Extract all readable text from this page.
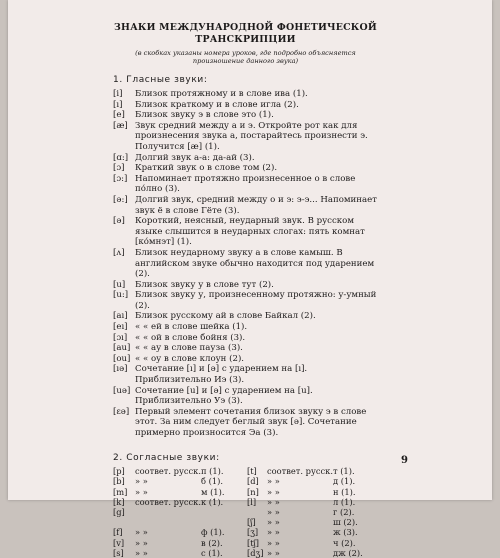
ЗНАКИ МЕЖДУНАРОДНОЙ ФОНЕТИЧЕСКОЙ
ТРАНСКРИПЦИИ

(в скобках указаны номера уроков, где подробно объясняется произношение данного звука)

1. Гласные звуки:
[i]	Близок протяжному и в слове ива (1).
[ı]	Близок краткому и в слове игла (2).
[e]	Близок звуку э в слове это (1).
[æ] Звук средний между а и э. Откройте рот как для произнесения звука а, постарайтесь произнести э. Получится [æ] (1).
[ɑ:] Долгий звук а-а: да-ай (3).
[ɔ]	Краткий звук о в слове том (2).
[ɔ:] Напоминает протяжно произнесенное о в слове по́лно (3).
[ə:] Долгий звук, средний между о и э: э-э... Напоминает звук ё в слове Гёте (3).
[ə]	Короткий, неясный, неударный звук. В русском языке слышится в неударных слогах: пять комнат [ко́мнэт] (1).
[ʌ]	Близок неударному звуку а в слове камыш. В английском звуке обычно находится под ударением (2).
[u]	Близок звуку у в слове тут (2).
[u:] Близок звуку у, произнесенному протяжно: у-умный (2).
[aı] Близок русскому ай в слове Байкал (2).
[eı] « « ей в слове шейка (1).
[ɔı] « « ой в слове бойня (3).
[au] « « ау в слове пауза (3).
[ou] « « оу в слове клоун (2).
[ıə] Сочетание [ı] и [ə] с ударением на [ı]. Приблизительно Иэ (3).
[uə] Сочетание [u] и [ə] с ударением на [u]. Приблизительно Уэ (3).
[ɛə] Первый элемент сочетания близок звуку э в слове этот. За ним следует беглый звук [ə]. Сочетание примерно произносится Эа (3).
2. Согласные звуки:
[p]	соответ. русск.	п (1).	[t]	соответ. русск.	т (1).
[b]	» »	б (1).	[d]	» »	д (1).
[m]	» »	м (1).	[n]	» »	н (1).
[k]	соответ. русск.	к (1).	[l]	» »	л (1).
[g]				» »	г (2).
			[ʃ]	» »	ш (2).
[f]	» »	ф (1).	[ʒ]	» »	ж (3).
[v]	» »	в (2).	[tʃ]	» »	ч (2).
[s]	» »	с (1).	[dʒ]	» »	дж (2).
9
